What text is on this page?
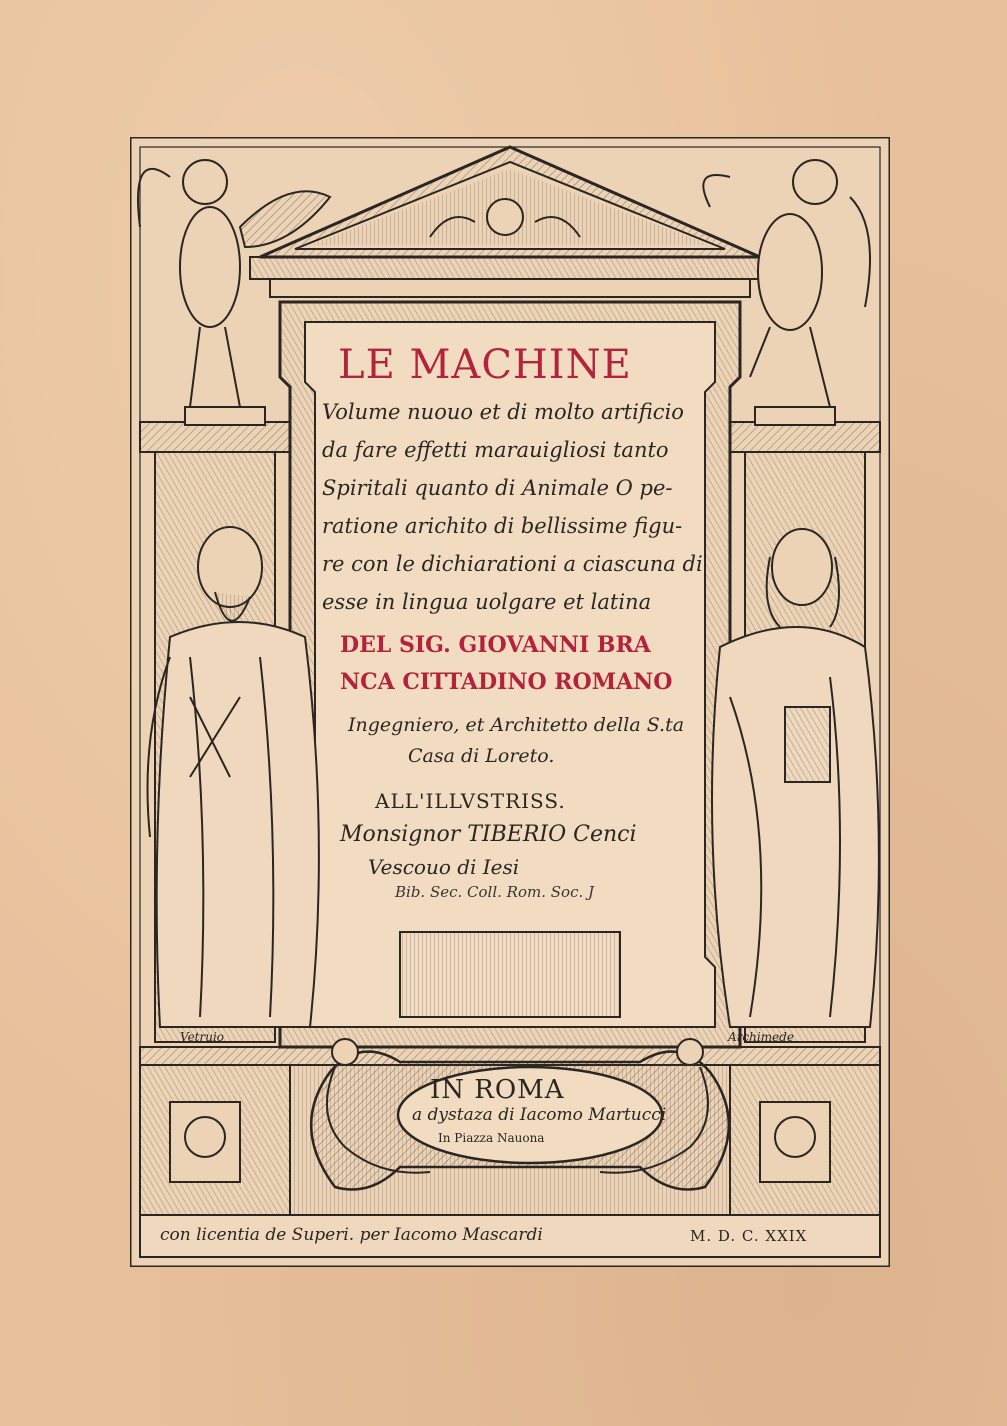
LE MACHINE
Volume nuouo et di molto artificio
da fare effetti marauigliosi tanto
Spiritali quanto di Animale O pe-
ratione arichito di bellissime figu-
re con le dichiarationi a ciascuna di
esse in lingua uolgare et latina
DEL SIG. GIOVANNI BRA
NCA CITTADINO ROMANO
Ingegniero, et Architetto della S.ta
Casa di Loreto.
ALL'ILLVSTRISS.
Monsignor TIBERIO Cenci
Vescouo di Iesi
Bib. Sec. Coll. Rom. Soc. J
Vetruio	Archimede
IN ROMA
a dystaza di Iacomo Martucci
In Piazza Nauona
con licentia de Superi. per Iacomo Mascardi	M. D. C. XXIX
